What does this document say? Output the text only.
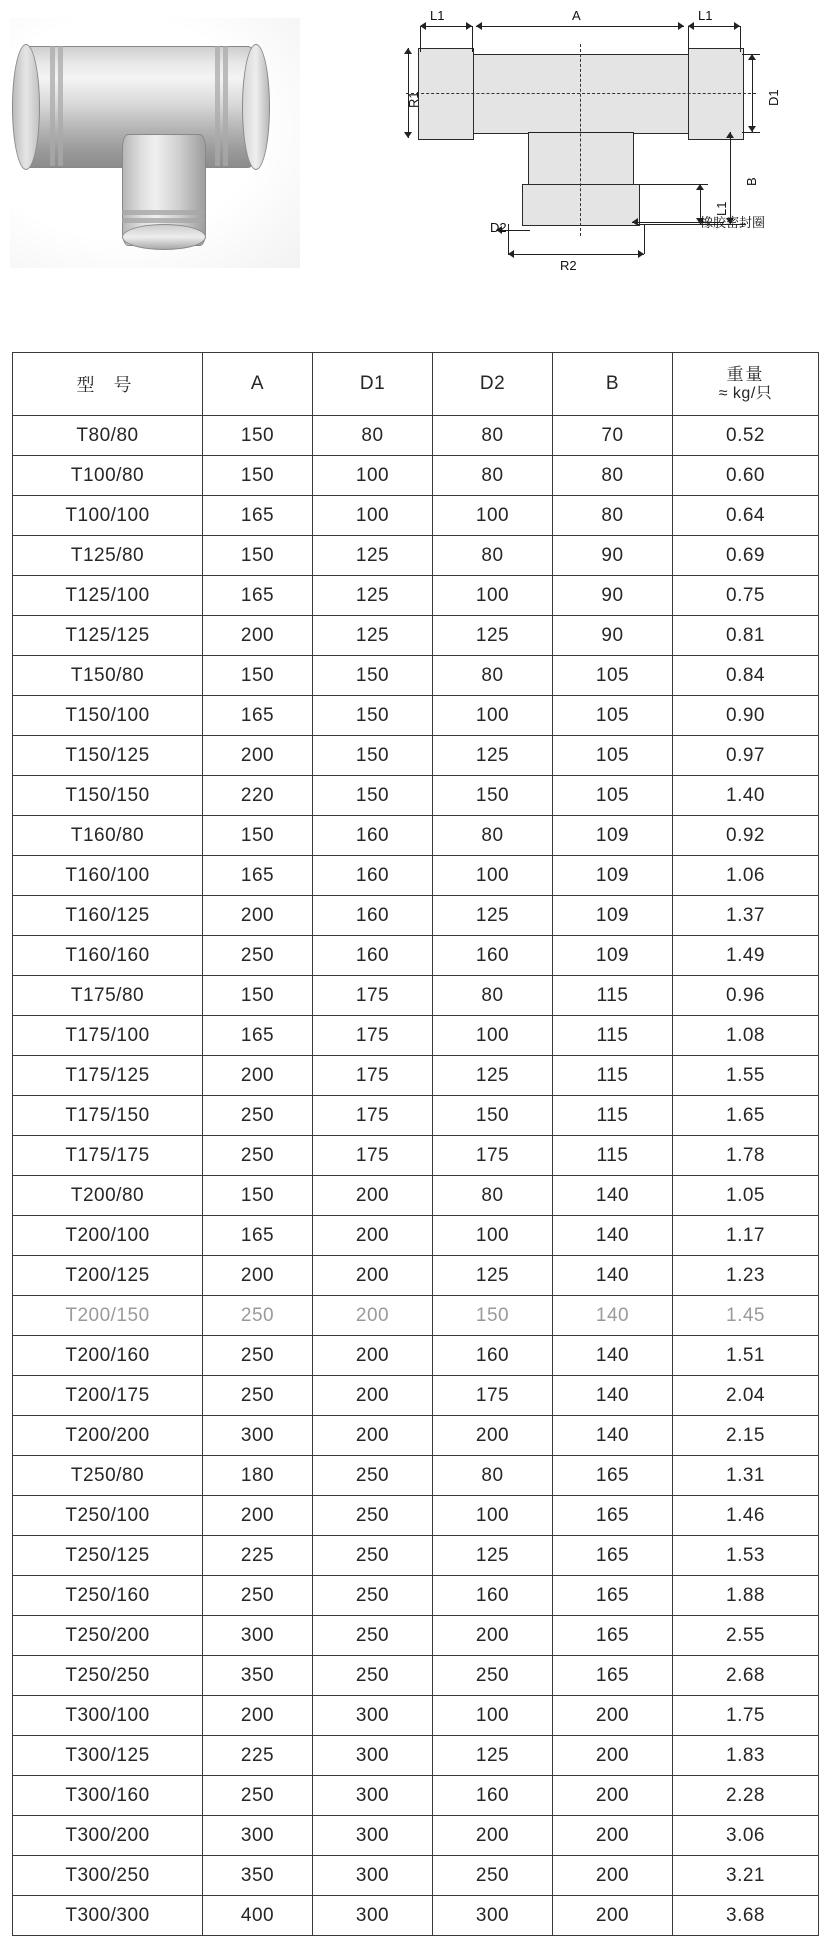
L1	A	L1
R1	D1
B
L1
D2
R2
橡胶密封圈
型 号	A	D1	D2	B	重量
≈ kg/只

T80/80	150	80	80	70	0.52
T100/80	150	100	80	80	0.60
T100/100	165	100	100	80	0.64
T125/80	150	125	80	90	0.69
T125/100	165	125	100	90	0.75
T125/125	200	125	125	90	0.81
T150/80	150	150	80	105	0.84
T150/100	165	150	100	105	0.90
T150/125	200	150	125	105	0.97
T150/150	220	150	150	105	1.40
T160/80	150	160	80	109	0.92
T160/100	165	160	100	109	1.06
T160/125	200	160	125	109	1.37
T160/160	250	160	160	109	1.49
T175/80	150	175	80	115	0.96
T175/100	165	175	100	115	1.08
T175/125	200	175	125	115	1.55
T175/150	250	175	150	115	1.65
T175/175	250	175	175	115	1.78
T200/80	150	200	80	140	1.05
T200/100	165	200	100	140	1.17
T200/125	200	200	125	140	1.23
T200/150	250	200	150	140	1.45
T200/160	250	200	160	140	1.51
T200/175	250	200	175	140	2.04
T200/200	300	200	200	140	2.15
T250/80	180	250	80	165	1.31
T250/100	200	250	100	165	1.46
T250/125	225	250	125	165	1.53
T250/160	250	250	160	165	1.88
T250/200	300	250	200	165	2.55
T250/250	350	250	250	165	2.68
T300/100	200	300	100	200	1.75
T300/125	225	300	125	200	1.83
T300/160	250	300	160	200	2.28
T300/200	300	300	200	200	3.06
T300/250	350	300	250	200	3.21
T300/300	400	300	300	200	3.68
